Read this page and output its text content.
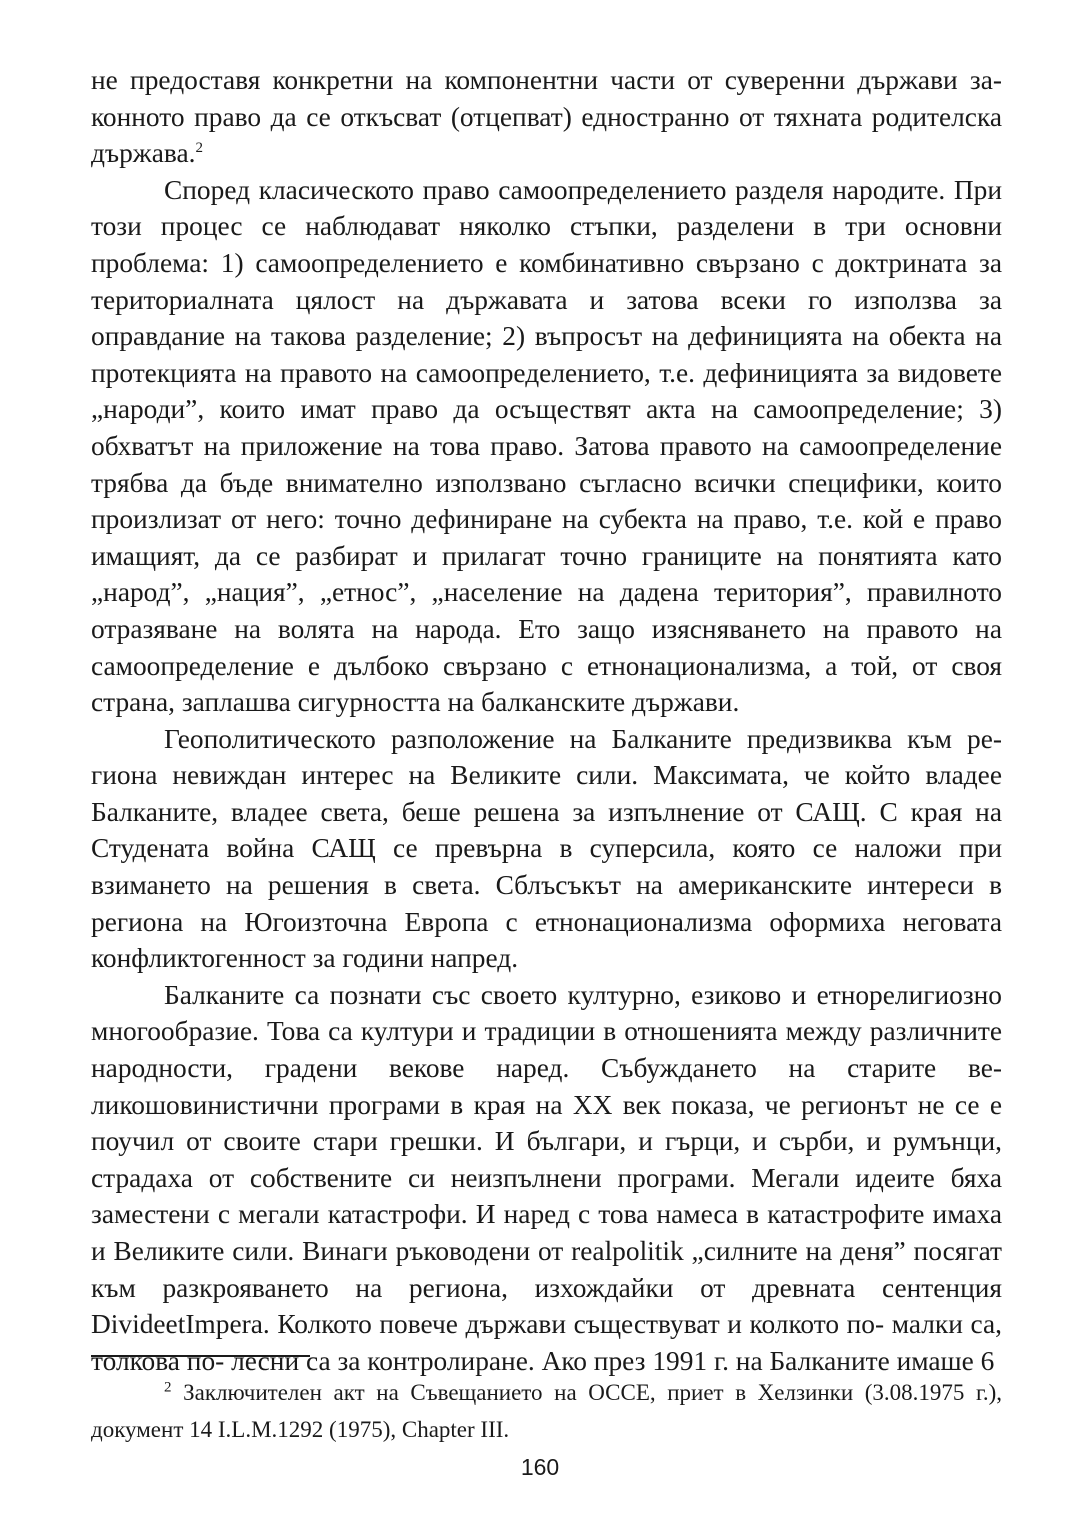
не предоставя конкретни на компонентни части от суверенни държави законното право да се откъсват (отцепват) едностранно от тяхната родителска държава.$^2$

Според класическото право самоопределението разделя народите. При този процес се наблюдават няколко стъпки, разделени в три основни проблема: 1) самоопределението е комбинативно свързано с доктрината за териториалната цялост на държавата и затова всеки го използва за оправдание на такова разделение; 2) въпросът на дефиницията на обекта на протекцията на правото на самоопределението, т.е. дефиницията за видовете „народи”, които имат право да осъществят акта на самоопределение; 3) обхватът на приложение на това право. Затова правото на самоопределение трябва да бъде внимателно използвано съгласно всички специфики, които произлизат от него: точно дефиниране на субекта на право, т.е. кой е право имащият, да се разбират и прилагат точно границите на понятията като „народ”, „нация”, „етнос”, „население на дадена територия”, правилното отразяване на волята на народа. Ето защо изясняването на правото на самоопределение е дълбоко свързано с етнонационализма, а той, от своя страна, заплашва сигурността на балканските държави.

Геополитическото разположение на Балканите предизвиква към региона невиждан интерес на Великите сили. Максимата, че който владее Балканите, владее света, беше решена за изпълнение от САЩ. С края на Студената война САЩ се превърна в суперсила, която се наложи при взимането на решения в света. Сблъсъкът на американските интереси в региона на Югоизточна Европа с етнонационализма оформиха неговата конфликтогенност за години напред.

Балканите са познати със своето културно, езиково и етнорелигиозно многообразие. Това са култури и традиции в отношенията между различните народности, градени векове наред. Събуждането на старите великошовинистични програми в края на ХХ век показа, че регионът не се е поучил от своите стари грешки. И българи, и гърци, и сърби, и румънци, страдаха от собствените си неизпълнени програми. Мегали идеите бяха заместени с мегали катастрофи. И наред с това намеса в катастрофите имаха и Великите сили. Винаги ръководени от realpolitik „силните на деня” посягат към разкрояването на региона, изхождайки от древната сентенция DivideetImpera. Колкото повече държави съществуват и колкото по- малки са, толкова по- лесни са за контролиране. Ако през 1991 г. на Балканите имаше 6

$^2$ Заключителен акт на Съвещанието на ОССЕ, приет в Хелзинки (3.08.1975 г.), документ 14 I.L.M.1292 (1975), Chapter III.

160
